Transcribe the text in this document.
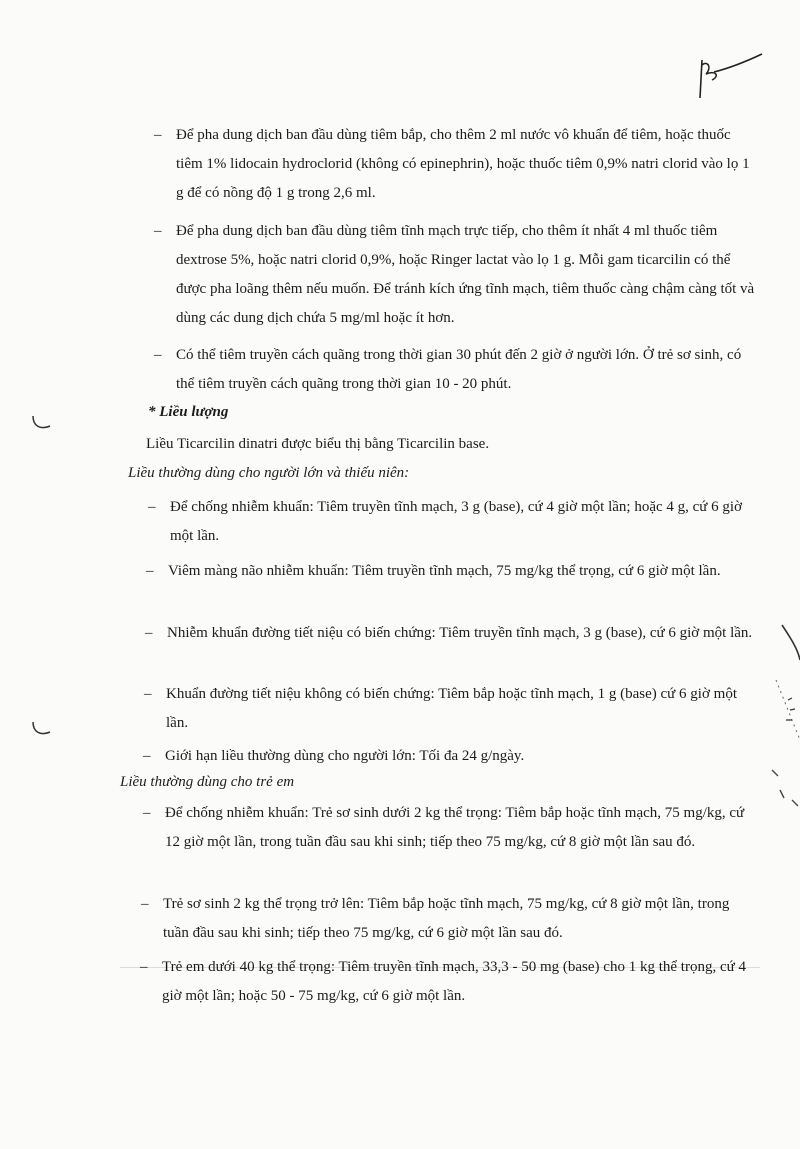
– Để pha dung dịch ban đầu dùng tiêm bắp, cho thêm 2 ml nước vô khuẩn để tiêm, hoặc thuốc tiêm 1% lidocain hydroclorid (không có epinephrin), hoặc thuốc tiêm 0,9% natri clorid vào lọ 1 g để có nồng độ 1 g trong 2,6 ml.
– Để pha dung dịch ban đầu dùng tiêm tĩnh mạch trực tiếp, cho thêm ít nhất 4 ml thuốc tiêm dextrose 5%, hoặc natri clorid 0,9%, hoặc Ringer lactat vào lọ 1 g. Mỗi gam ticarcilin có thể được pha loãng thêm nếu muốn. Để tránh kích ứng tĩnh mạch, tiêm thuốc càng chậm càng tốt và dùng các dung dịch chứa 5 mg/ml hoặc ít hơn.
– Có thể tiêm truyền cách quãng trong thời gian 30 phút đến 2 giờ ở người lớn. Ở trẻ sơ sinh, có thể tiêm truyền cách quãng trong thời gian 10 - 20 phút.
* Liều lượng
Liều Ticarcilin dinatri được biểu thị bằng Ticarcilin base.
Liều thường dùng cho người lớn và thiếu niên:
– Để chống nhiễm khuẩn: Tiêm truyền tĩnh mạch, 3 g (base), cứ 4 giờ một lần; hoặc 4 g, cứ 6 giờ một lần.
– Viêm màng não nhiễm khuẩn: Tiêm truyền tĩnh mạch, 75 mg/kg thể trọng, cứ 6 giờ một lần.
– Nhiễm khuẩn đường tiết niệu có biến chứng: Tiêm truyền tĩnh mạch, 3 g (base), cứ 6 giờ một lần.
– Khuẩn đường tiết niệu không có biến chứng: Tiêm bắp hoặc tĩnh mạch, 1 g (base) cứ 6 giờ một lần.
– Giới hạn liều thường dùng cho người lớn: Tối đa 24 g/ngày.
Liều thường dùng cho trẻ em
– Để chống nhiễm khuẩn: Trẻ sơ sinh dưới 2 kg thể trọng: Tiêm bắp hoặc tĩnh mạch, 75 mg/kg, cứ 12 giờ một lần, trong tuần đầu sau khi sinh; tiếp theo 75 mg/kg, cứ 8 giờ một lần sau đó.
– Trẻ sơ sinh 2 kg thể trọng trở lên: Tiêm bắp hoặc tĩnh mạch, 75 mg/kg, cứ 8 giờ một lần, trong tuần đầu sau khi sinh; tiếp theo 75 mg/kg, cứ 6 giờ một lần sau đó.
– Trẻ em dưới 40 kg thể trọng: Tiêm truyền tĩnh mạch, 33,3 - 50 mg (base) cho 1 kg thể trọng, cứ 4 giờ một lần; hoặc 50 - 75 mg/kg, cứ 6 giờ một lần.
